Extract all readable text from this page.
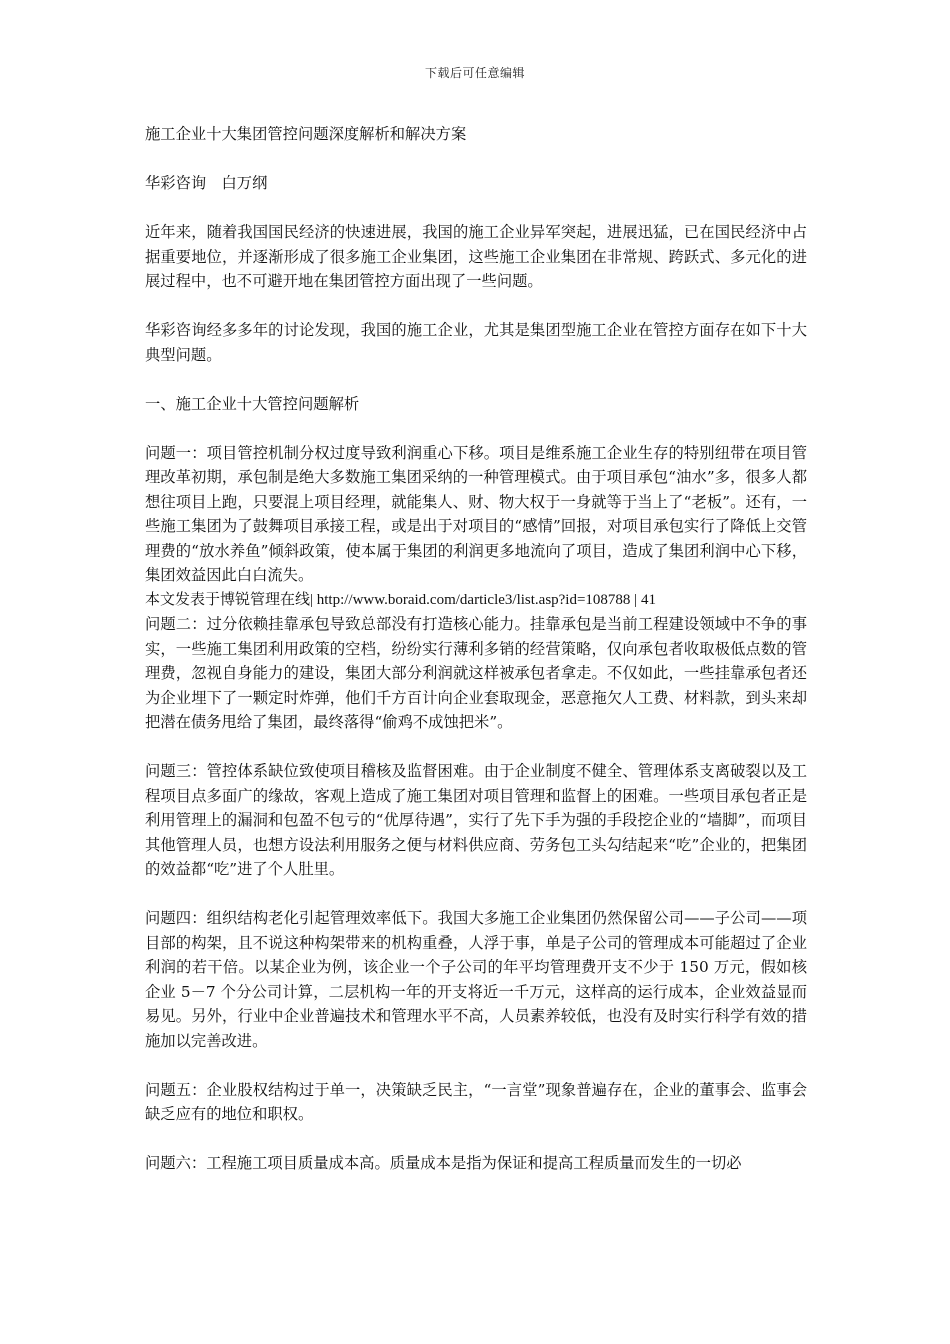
下载后可任意编辑

施工企业十大集团管控问题深度解析和解决方案

华彩咨询　白万纲

近年来，随着我国国民经济的快速进展，我国的施工企业异军突起，进展迅猛，已在国民经济中占据重要地位，并逐渐形成了很多施工企业集团，这些施工企业集团在非常规、跨跃式、多元化的进展过程中，也不可避开地在集团管控方面出现了一些问题。

华彩咨询经多多年的讨论发现，我国的施工企业，尤其是集团型施工企业在管控方面存在如下十大典型问题。

一、施工企业十大管控问题解析

问题一：项目管控机制分权过度导致利润重心下移。项目是维系施工企业生存的特别纽带在项目管理改革初期，承包制是绝大多数施工集团采纳的一种管理模式。由于项目承包“油水”多，很多人都想往项目上跑，只要混上项目经理，就能集人、财、物大权于一身就等于当上了“老板”。还有，一些施工集团为了鼓舞项目承接工程，或是出于对项目的“感情”回报，对项目承包实行了降低上交管理费的“放水养鱼”倾斜政策，使本属于集团的利润更多地流向了项目，造成了集团利润中心下移，集团效益因此白白流失。

本文发表于博锐管理在线| http://www.boraid.com/darticle3/list.asp?id=108788 | 41

问题二：过分依赖挂靠承包导致总部没有打造核心能力。挂靠承包是当前工程建设领域中不争的事实，一些施工集团利用政策的空档，纷纷实行薄利多销的经营策略，仅向承包者收取极低点数的管理费，忽视自身能力的建设，集团大部分利润就这样被承包者拿走。不仅如此，一些挂靠承包者还为企业埋下了一颗定时炸弹，他们千方百计向企业套取现金，恶意拖欠人工费、材料款，到头来却把潜在债务甩给了集团，最终落得“偷鸡不成蚀把米”。

问题三：管控体系缺位致使项目稽核及监督困难。由于企业制度不健全、管理体系支离破裂以及工程项目点多面广的缘故，客观上造成了施工集团对项目管理和监督上的困难。一些项目承包者正是利用管理上的漏洞和包盈不包亏的“优厚待遇”，实行了先下手为强的手段挖企业的“墙脚”，而项目其他管理人员，也想方设法利用服务之便与材料供应商、劳务包工头勾结起来“吃”企业的，把集团的效益都“吃”进了个人肚里。

问题四：组织结构老化引起管理效率低下。我国大多施工企业集团仍然保留公司——子公司——项目部的构架，且不说这种构架带来的机构重叠，人浮于事，单是子公司的管理成本可能超过了企业利润的若干倍。以某企业为例，该企业一个子公司的年平均管理费开支不少于 150 万元，假如核企业 5－7 个分公司计算，二层机构一年的开支将近一千万元，这样高的运行成本，企业效益显而易见。另外，行业中企业普遍技术和管理水平不高，人员素养较低，也没有及时实行科学有效的措施加以完善改进。

问题五：企业股权结构过于单一，决策缺乏民主，“一言堂”现象普遍存在，企业的董事会、监事会缺乏应有的地位和职权。

问题六：工程施工项目质量成本高。质量成本是指为保证和提高工程质量而发生的一切必
